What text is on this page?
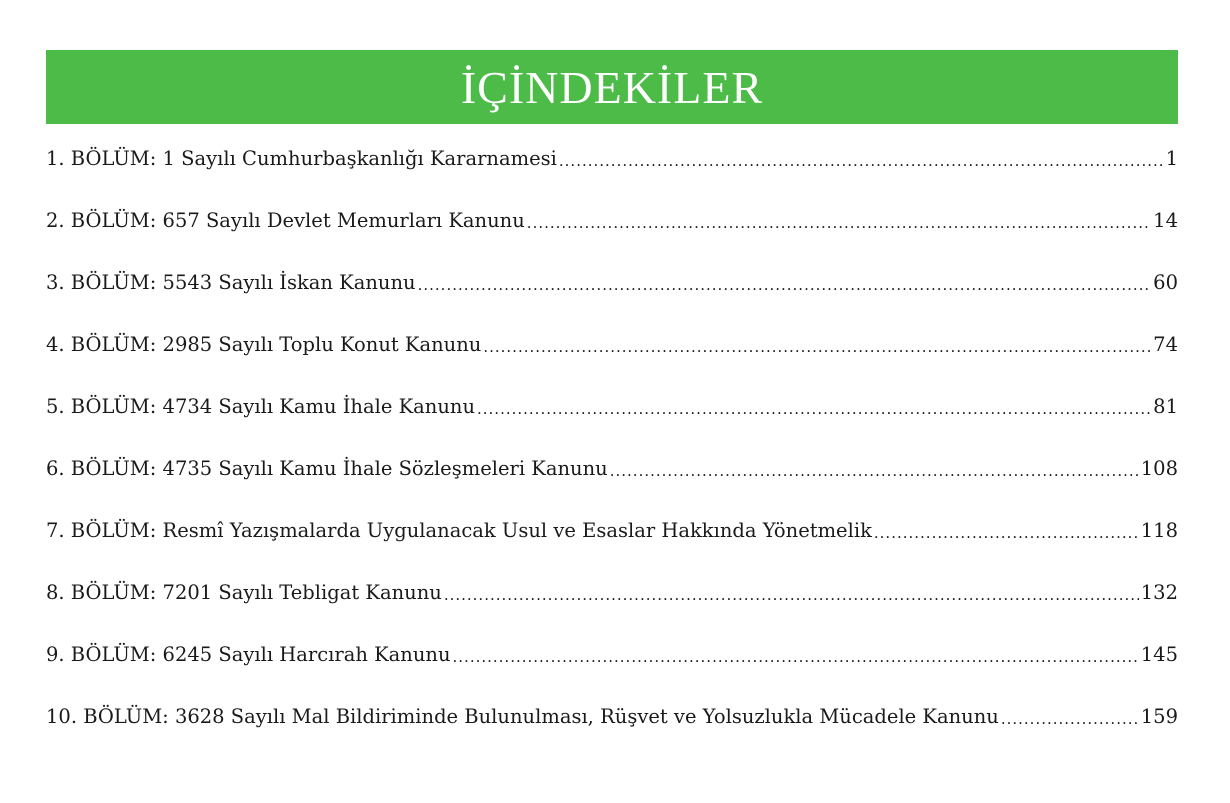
İÇİNDEKİLER
1. BÖLÜM: 1 Sayılı Cumhurbaşkanlığı Kararnamesi .....	1
2. BÖLÜM: 657 Sayılı Devlet Memurları Kanunu .....	14
3. BÖLÜM: 5543 Sayılı İskan Kanunu .....	60
4. BÖLÜM: 2985 Sayılı Toplu Konut Kanunu .....	74
5. BÖLÜM: 4734 Sayılı Kamu İhale Kanunu .....	81
6. BÖLÜM: 4735 Sayılı Kamu İhale Sözleşmeleri Kanunu .....	108
7. BÖLÜM: Resmî Yazışmalarda Uygulanacak Usul ve Esaslar Hakkında Yönetmelik .....	118
8. BÖLÜM: 7201 Sayılı Tebligat Kanunu .....	132
9. BÖLÜM: 6245 Sayılı Harcırah Kanunu .....	145
10. BÖLÜM: 3628 Sayılı Mal Bildiriminde Bulunulması, Rüşvet ve Yolsuzlukla Mücadele Kanunu .....	159
